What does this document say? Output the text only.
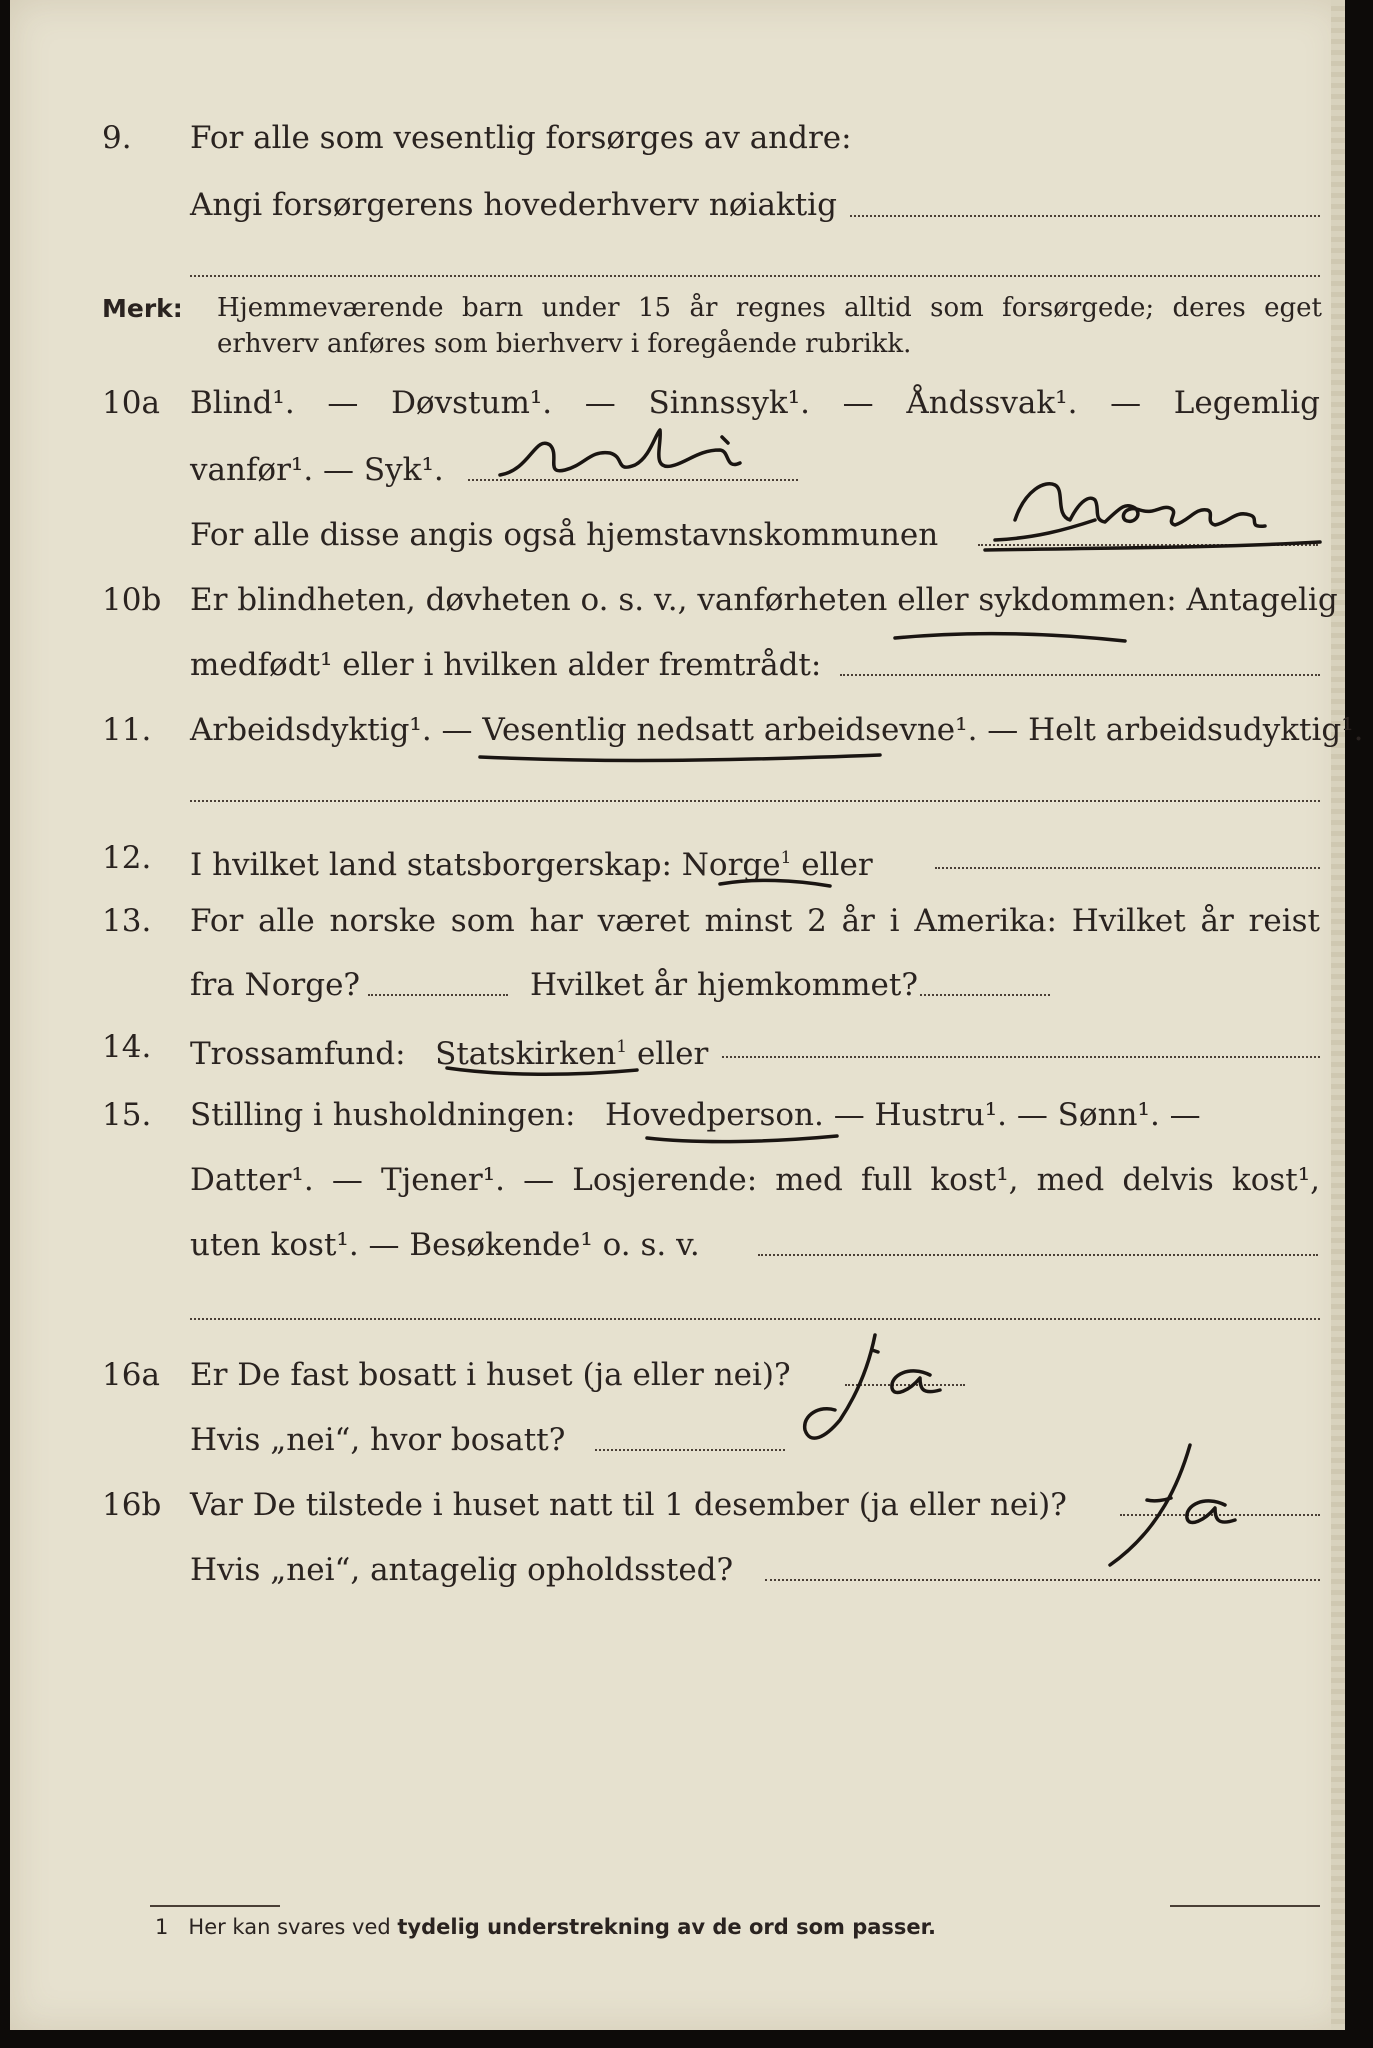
9. For alle som vesentlig forsørges av andre:
Angi forsørgerens hovederhverv nøiaktig
Merk: Hjemmeværende barn under 15 år regnes alltid som forsørgede; deres eget erhverv anføres som bierhverv i foregående rubrikk.
10a Blind¹. — Døvstum¹. — Sinnssyk¹. — Åndssvak¹. — Legemlig
vanfør¹. — Syk¹.
For alle disse angis også hjemstavnskommunen
10b Er blindheten, døvheten o. s. v., vanførheten eller sykdommen: Antagelig
medfødt¹ eller i hvilken alder fremtrådt:
11. Arbeidsdyktig¹. — Vesentlig nedsatt arbeidsevne¹. — Helt arbeidsudyktig¹.
12. I hvilket land statsborgerskap: Norge$^1$ eller
13. For alle norske som har været minst 2 år i Amerika: Hvilket år reist
fra Norge?	Hvilket år hjemkommet?
14. Trossamfund: Statskirken$^1$ eller
15. Stilling i husholdningen: Hovedperson. — Hustru¹. — Sønn¹. —
Datter¹. — Tjener¹. — Losjerende: med full kost¹, med delvis kost¹,
uten kost¹. — Besøkende¹ o. s. v.
16a Er De fast bosatt i huset (ja eller nei)?
Hvis „nei“, hvor bosatt?
16b Var De tilstede i huset natt til 1 desember (ja eller nei)?
Hvis „nei“, antagelig opholdssted?
1 Her kan svares ved tydelig understrekning av de ord som passer.
